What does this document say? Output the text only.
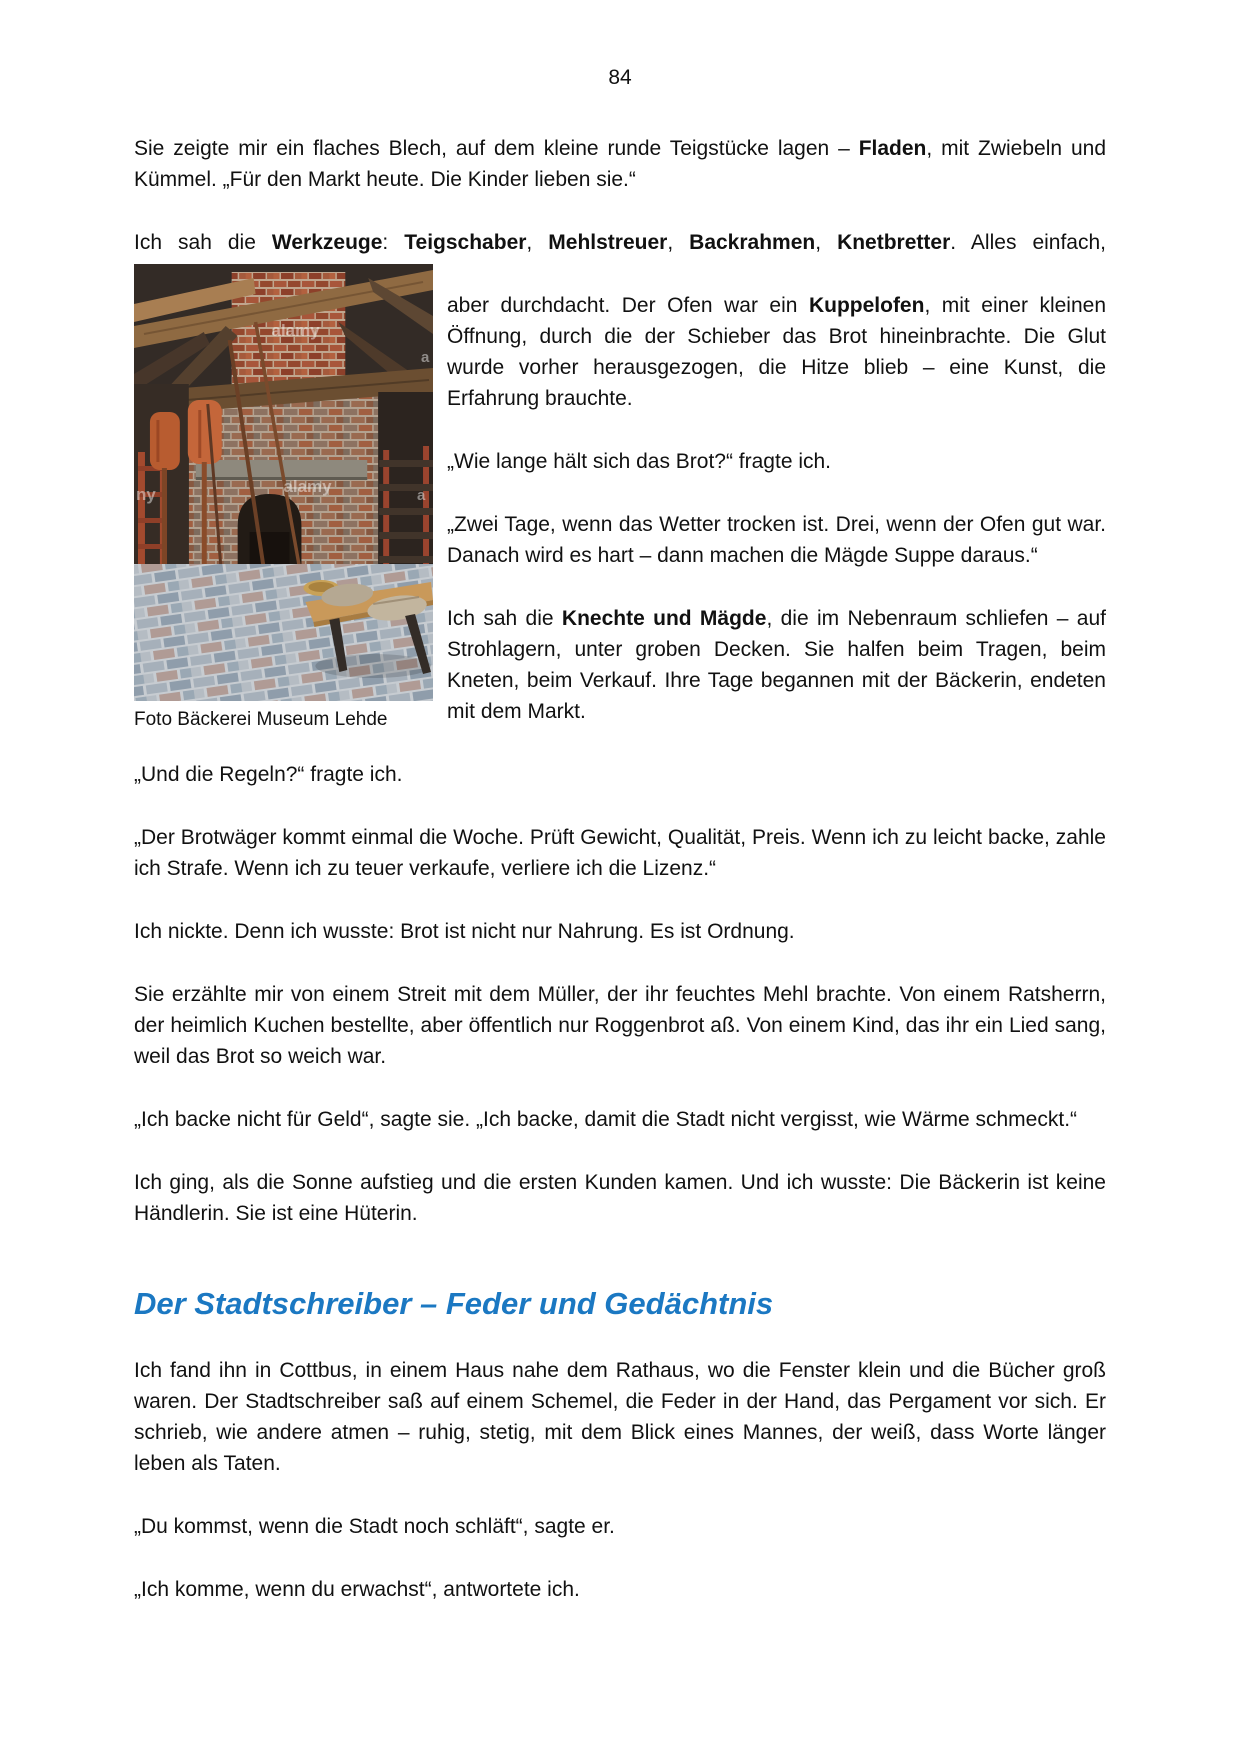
84

Sie zeigte mir ein flaches Blech, auf dem kleine runde Teigstücke lagen – Fladen, mit Zwiebeln und Kümmel. „Für den Markt heute. Die Kinder lieben sie.“

Ich sah die Werkzeuge: Teigschaber, Mehlstreuer, Backrahmen, Knetbretter. Alles einfach,

alamy
ny	alamy
a
a
Foto Bäckerei Museum Lehde

aber durchdacht. Der Ofen war ein Kuppelofen, mit einer kleinen Öffnung, durch die der Schieber das Brot hineinbrachte. Die Glut wurde vorher herausgezogen, die Hitze blieb – eine Kunst, die Erfahrung brauchte.

„Wie lange hält sich das Brot?“ fragte ich.

„Zwei Tage, wenn das Wetter trocken ist. Drei, wenn der Ofen gut war. Danach wird es hart – dann machen die Mägde Suppe daraus.“

Ich sah die Knechte und Mägde, die im Nebenraum schliefen – auf Strohlagern, unter groben Decken. Sie halfen beim Tragen, beim Kneten, beim Verkauf. Ihre Tage begannen mit der Bäckerin, endeten mit dem Markt.

„Und die Regeln?“ fragte ich.

„Der Brotwäger kommt einmal die Woche. Prüft Gewicht, Qualität, Preis. Wenn ich zu leicht backe, zahle ich Strafe. Wenn ich zu teuer verkaufe, verliere ich die Lizenz.“

Ich nickte. Denn ich wusste: Brot ist nicht nur Nahrung. Es ist Ordnung.

Sie erzählte mir von einem Streit mit dem Müller, der ihr feuchtes Mehl brachte. Von einem Ratsherrn, der heimlich Kuchen bestellte, aber öffentlich nur Roggenbrot aß. Von einem Kind, das ihr ein Lied sang, weil das Brot so weich war.

„Ich backe nicht für Geld“, sagte sie. „Ich backe, damit die Stadt nicht vergisst, wie Wärme schmeckt.“

Ich ging, als die Sonne aufstieg und die ersten Kunden kamen. Und ich wusste: Die Bäckerin ist keine Händlerin. Sie ist eine Hüterin.

Der Stadtschreiber – Feder und Gedächtnis

Ich fand ihn in Cottbus, in einem Haus nahe dem Rathaus, wo die Fenster klein und die Bücher groß waren. Der Stadtschreiber saß auf einem Schemel, die Feder in der Hand, das Pergament vor sich. Er schrieb, wie andere atmen – ruhig, stetig, mit dem Blick eines Mannes, der weiß, dass Worte länger leben als Taten.

„Du kommst, wenn die Stadt noch schläft“, sagte er.

„Ich komme, wenn du erwachst“, antwortete ich.
